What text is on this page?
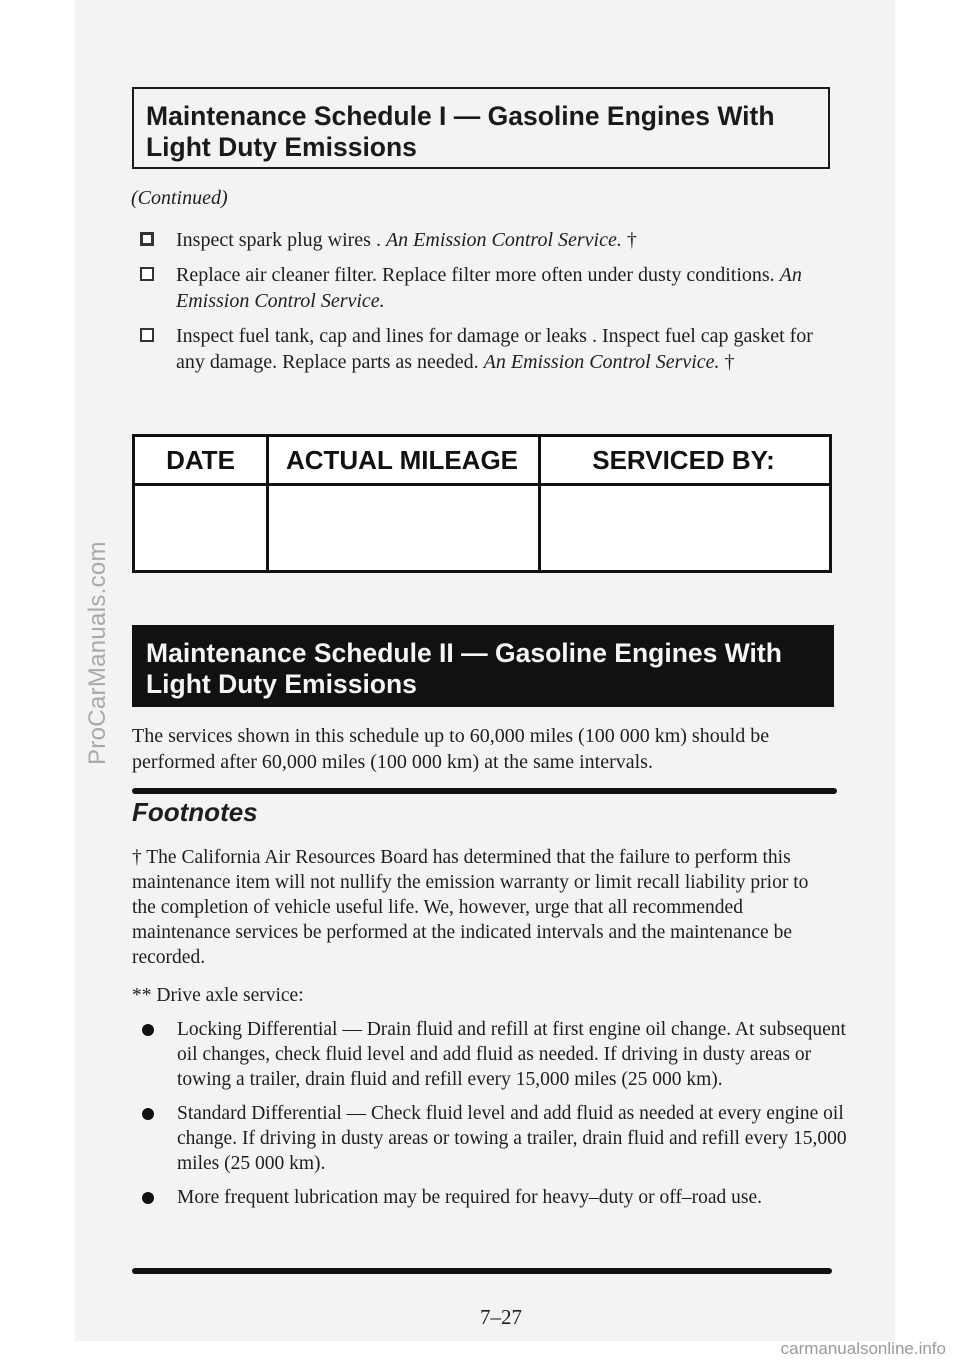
ProCarManuals.com
Maintenance Schedule I — Gasoline Engines With
Light Duty Emissions
(Continued)
Inspect spark plug wires . An Emission Control Service. †
Replace air cleaner filter. Replace filter more often under dusty conditions. An Emission Control Service.
Inspect fuel tank, cap and lines for damage or leaks . Inspect fuel cap gasket for any damage. Replace parts as needed. An Emission Control Service. †
DATE	ACTUAL MILEAGE	SERVICED BY:
Maintenance Schedule II — Gasoline Engines With
Light Duty Emissions
The services shown in this schedule up to 60,000 miles (100 000 km) should be performed after 60,000 miles (100 000 km) at the same intervals.
Footnotes
† The California Air Resources Board has determined that the failure to perform this maintenance item will not nullify the emission warranty or limit recall liability prior to the completion of vehicle useful life. We, however, urge that all recommended maintenance services be performed at the indicated intervals and the maintenance be recorded.
** Drive axle service:
Locking Differential — Drain fluid and refill at first engine oil change. At subsequent oil changes, check fluid level and add fluid as needed. If driving in dusty areas or towing a trailer, drain fluid and refill every 15,000 miles (25 000 km).
Standard Differential — Check fluid level and add fluid as needed at every engine oil change. If driving in dusty areas or towing a trailer, drain fluid and refill every 15,000 miles (25 000 km).
More frequent lubrication may be required for heavy–duty or off–road use.
7–27
carmanualsonline.info
